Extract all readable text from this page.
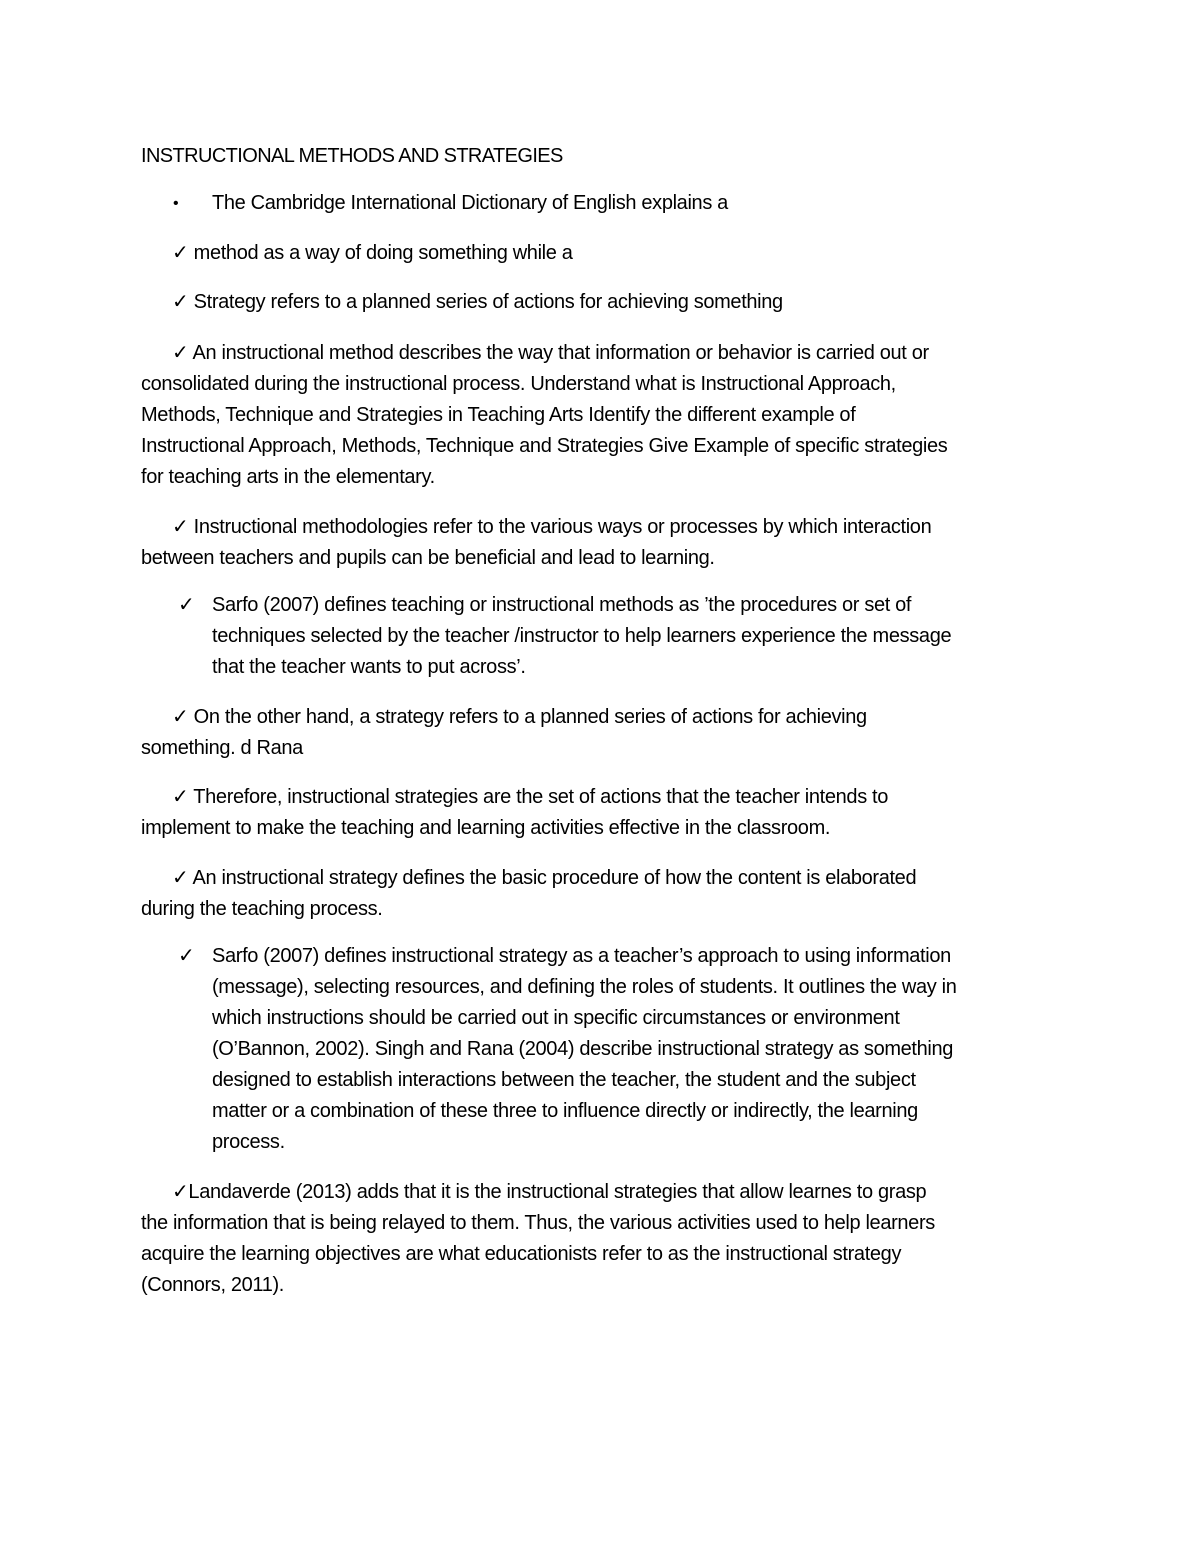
INSTRUCTIONAL METHODS AND STRATEGIES
• The Cambridge International Dictionary of English explains a
✓ method as a way of doing something while a
✓ Strategy refers to a planned series of actions for achieving something
✓ An instructional method describes the way that information or behavior is carried out or
consolidated during the instructional process. Understand what is Instructional Approach,
Methods, Technique and Strategies in Teaching Arts Identify the different example of
Instructional Approach, Methods, Technique and Strategies Give Example of specific strategies
for teaching arts in the elementary.
✓ Instructional methodologies refer to the various ways or processes by which interaction
between teachers and pupils can be beneficial and lead to learning.
✓ Sarfo (2007) defines teaching or instructional methods as ’the procedures or set of
techniques selected by the teacher /instructor to help learners experience the message
that the teacher wants to put across’.
✓ On the other hand, a strategy refers to a planned series of actions for achieving
something. d Rana
✓ Therefore, instructional strategies are the set of actions that the teacher intends to
implement to make the teaching and learning activities effective in the classroom.
✓ An instructional strategy defines the basic procedure of how the content is elaborated
during the teaching process.
✓ Sarfo (2007) defines instructional strategy as a teacher’s approach to using information
(message), selecting resources, and defining the roles of students. It outlines the way in
which instructions should be carried out in specific circumstances or environment
(O’Bannon, 2002). Singh and Rana (2004) describe instructional strategy as something
designed to establish interactions between the teacher, the student and the subject
matter or a combination of these three to influence directly or indirectly, the learning
process.
✓Landaverde (2013) adds that it is the instructional strategies that allow learnes to grasp
the information that is being relayed to them. Thus, the various activities used to help learners
acquire the learning objectives are what educationists refer to as the instructional strategy
(Connors, 2011).
